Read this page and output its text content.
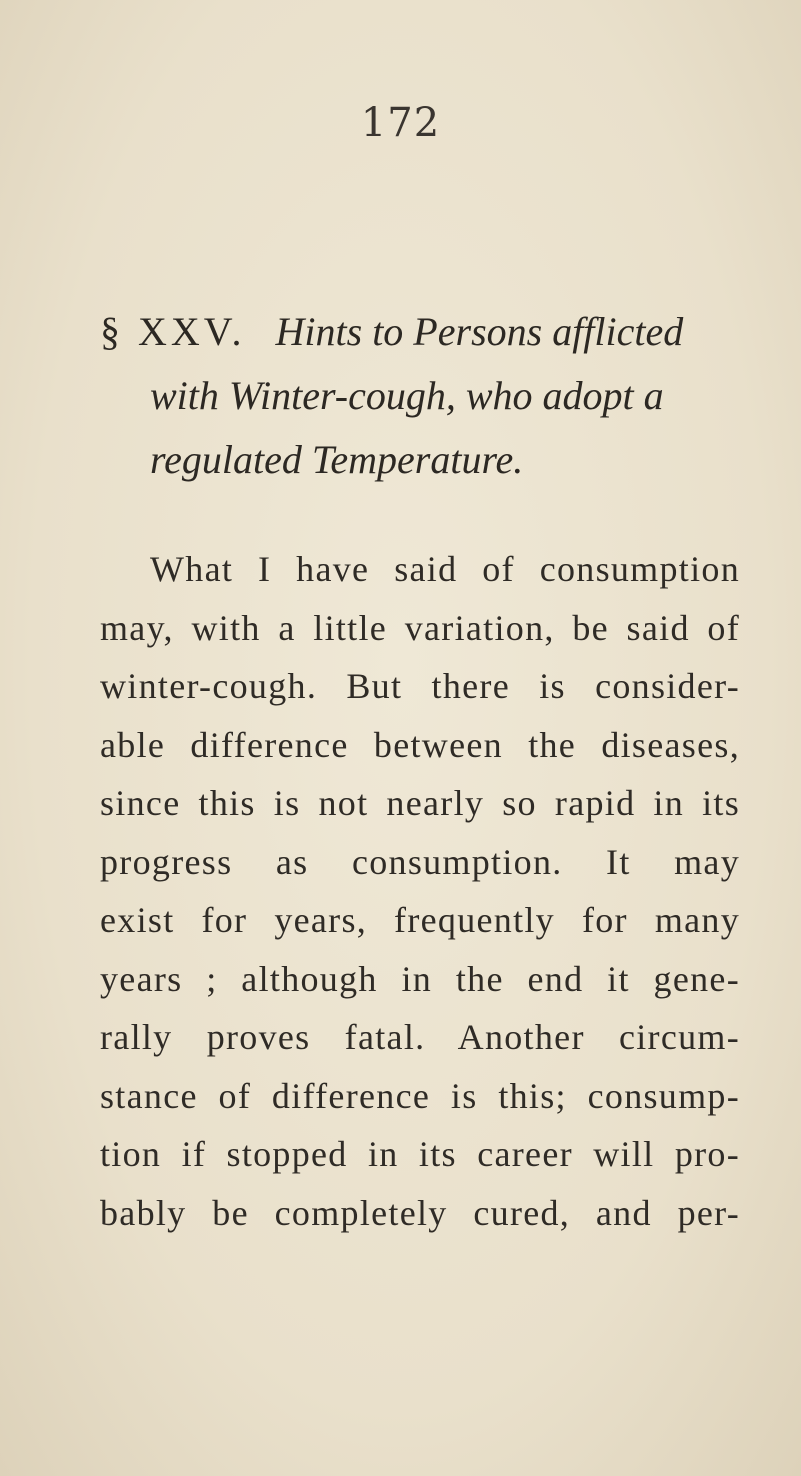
172
§ XXV. Hints to Persons afflicted
with Winter-cough, who adopt a
regulated Temperature.
What I have said of consumption
may, with a little variation, be said of
winter-cough. But there is consider-
able difference between the diseases,
since this is not nearly so rapid in its
progress as consumption. It may
exist for years, frequently for many
years ; although in the end it gene-
rally proves fatal. Another circum-
stance of difference is this; consump-
tion if stopped in its career will pro-
bably be completely cured, and per-
